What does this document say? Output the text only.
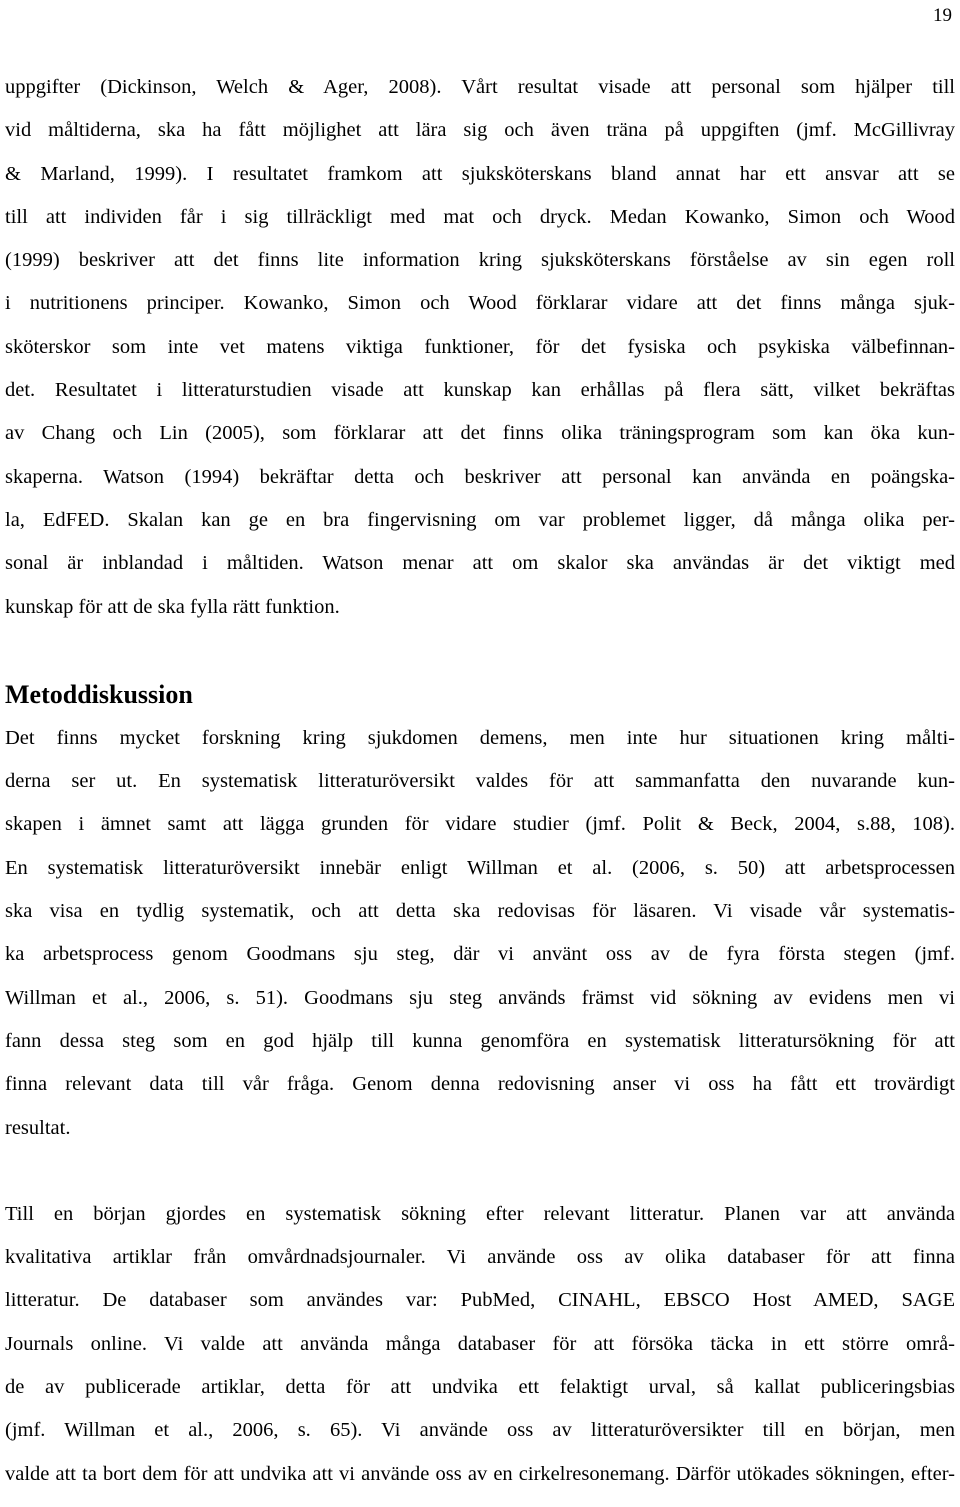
19
uppgifter (Dickinson, Welch & Ager, 2008). Vårt resultat visade att personal som hjälper till
vid måltiderna, ska ha fått möjlighet att lära sig och även träna på uppgiften (jmf. McGillivray
& Marland, 1999). I resultatet framkom att sjuksköterskans bland annat har ett ansvar att se
till att individen får i sig tillräckligt med mat och dryck. Medan Kowanko, Simon och Wood
(1999) beskriver att det finns lite information kring sjuksköterskans förståelse av sin egen roll
i nutritionens principer. Kowanko, Simon och Wood förklarar vidare att det finns många sjuk-
sköterskor som inte vet matens viktiga funktioner, för det fysiska och psykiska välbefinnan-
det. Resultatet i litteraturstudien visade att kunskap kan erhållas på flera sätt, vilket bekräftas
av Chang och Lin (2005), som förklarar att det finns olika träningsprogram som kan öka kun-
skaperna. Watson (1994) bekräftar detta och beskriver att personal kan använda en poängska-
la, EdFED. Skalan kan ge en bra fingervisning om var problemet ligger, då många olika per-
sonal är inblandad i måltiden. Watson menar att om skalor ska användas är det viktigt med
kunskap för att de ska fylla rätt funktion.
Metoddiskussion
Det finns mycket forskning kring sjukdomen demens, men inte hur situationen kring målti-
derna ser ut. En systematisk litteraturöversikt valdes för att sammanfatta den nuvarande kun-
skapen i ämnet samt att lägga grunden för vidare studier (jmf. Polit & Beck, 2004, s.88, 108).
En systematisk litteraturöversikt innebär enligt Willman et al. (2006, s. 50) att arbetsprocessen
ska visa en tydlig systematik, och att detta ska redovisas för läsaren. Vi visade vår systematis-
ka arbetsprocess genom Goodmans sju steg, där vi använt oss av de fyra första stegen (jmf.
Willman et al., 2006, s. 51). Goodmans sju steg används främst vid sökning av evidens men vi
fann dessa steg som en god hjälp till kunna genomföra en systematisk litteratursökning för att
finna relevant data till vår fråga. Genom denna redovisning anser vi oss ha fått ett trovärdigt
resultat.
Till en början gjordes en systematisk sökning efter relevant litteratur. Planen var att använda
kvalitativa artiklar från omvårdnadsjournaler. Vi använde oss av olika databaser för att finna
litteratur. De databaser som användes var: PubMed, CINAHL, EBSCO Host AMED, SAGE
Journals online. Vi valde att använda många databaser för att försöka täcka in ett större områ-
de av publicerade artiklar, detta för att undvika ett felaktigt urval, så kallat publiceringsbias
(jmf. Willman et al., 2006, s. 65). Vi använde oss av litteraturöversikter till en början, men
valde att ta bort dem för att undvika att vi använde oss av en cirkelresonemang. Därför utökades sökningen, efter-
